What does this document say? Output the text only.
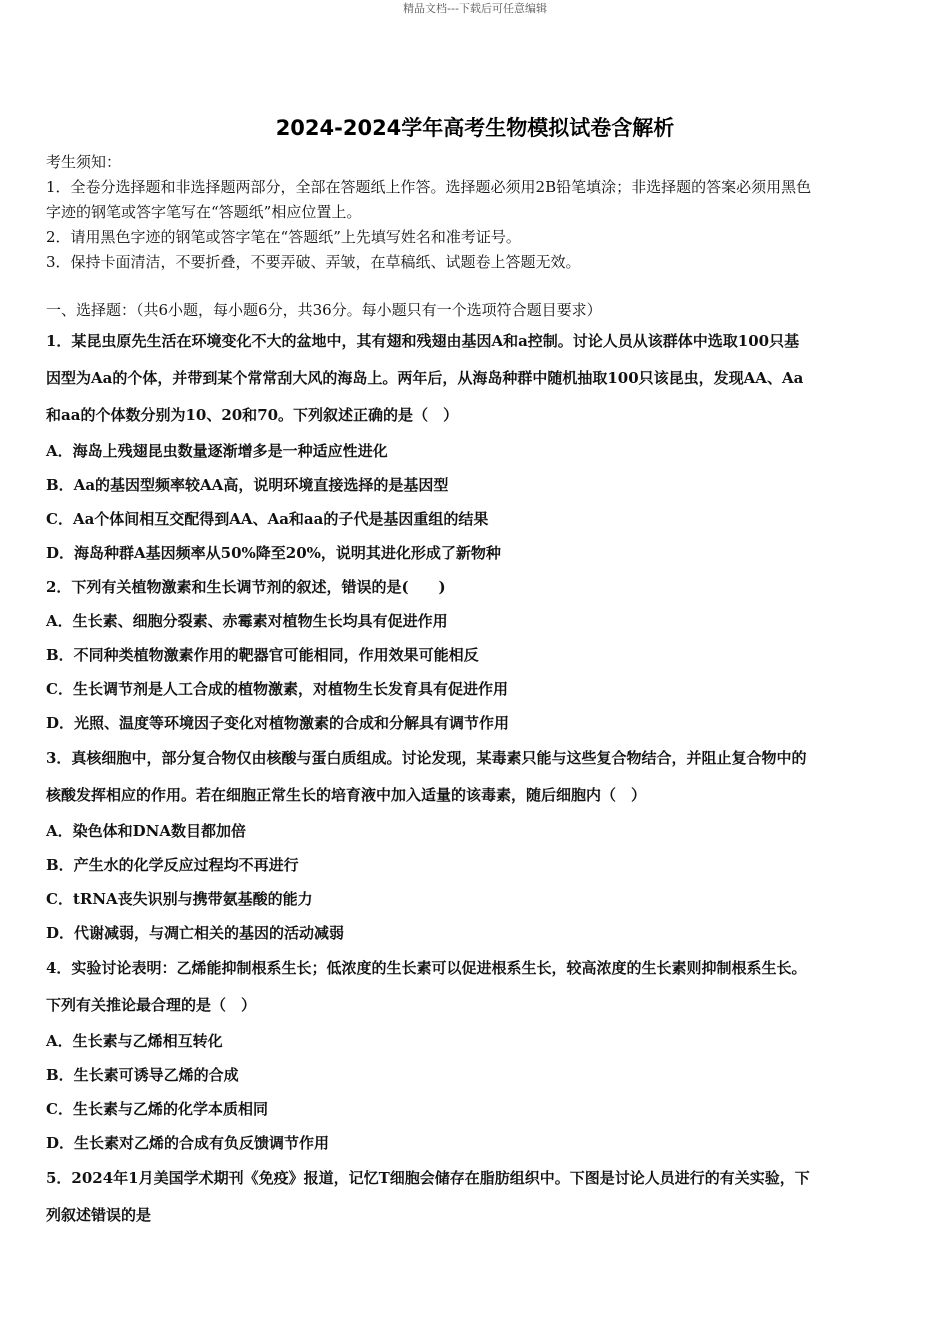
精品文档---下载后可任意编辑
2024-2024学年高考生物模拟试卷含解析
考生须知：
1．全卷分选择题和非选择题两部分，全部在答题纸上作答。选择题必须用2B铅笔填涂；非选择题的答案必须用黑色
字迹的钢笔或答字笔写在“答题纸”相应位置上。
2．请用黑色字迹的钢笔或答字笔在“答题纸”上先填写姓名和准考证号。
3．保持卡面清洁，不要折叠，不要弄破、弄皱，在草稿纸、试题卷上答题无效。
一、选择题：（共6小题，每小题6分，共36分。每小题只有一个选项符合题目要求）
1．某昆虫原先生活在环境变化不大的盆地中，其有翅和残翅由基因A和a控制。讨论人员从该群体中选取100只基
因型为Aa的个体，并带到某个常常刮大风的海岛上。两年后，从海岛种群中随机抽取100只该昆虫，发现AA、Aa
和aa的个体数分别为10、20和70。下列叙述正确的是（　）
A．海岛上残翅昆虫数量逐渐增多是一种适应性进化
B．Aa的基因型频率较AA高，说明环境直接选择的是基因型
C．Aa个体间相互交配得到AA、Aa和aa的子代是基因重组的结果
D．海岛种群A基因频率从50%降至20%，说明其进化形成了新物种
2．下列有关植物激素和生长调节剂的叙述，错误的是(　　)
A．生长素、细胞分裂素、赤霉素对植物生长均具有促进作用
B．不同种类植物激素作用的靶器官可能相同，作用效果可能相反
C．生长调节剂是人工合成的植物激素，对植物生长发育具有促进作用
D．光照、温度等环境因子变化对植物激素的合成和分解具有调节作用
3．真核细胞中，部分复合物仅由核酸与蛋白质组成。讨论发现，某毒素只能与这些复合物结合，并阻止复合物中的
核酸发挥相应的作用。若在细胞正常生长的培育液中加入适量的该毒素，随后细胞内（　）
A．染色体和DNA数目都加倍
B．产生水的化学反应过程均不再进行
C．tRNA丧失识别与携带氨基酸的能力
D．代谢减弱，与凋亡相关的基因的活动减弱
4．实验讨论表明：乙烯能抑制根系生长；低浓度的生长素可以促进根系生长，较高浓度的生长素则抑制根系生长。
下列有关推论最合理的是（　）
A．生长素与乙烯相互转化
B．生长素可诱导乙烯的合成
C．生长素与乙烯的化学本质相同
D．生长素对乙烯的合成有负反馈调节作用
5．2024年1月美国学术期刊《免疫》报道，记忆T细胞会储存在脂肪组织中。下图是讨论人员进行的有关实验，下
列叙述错误的是
